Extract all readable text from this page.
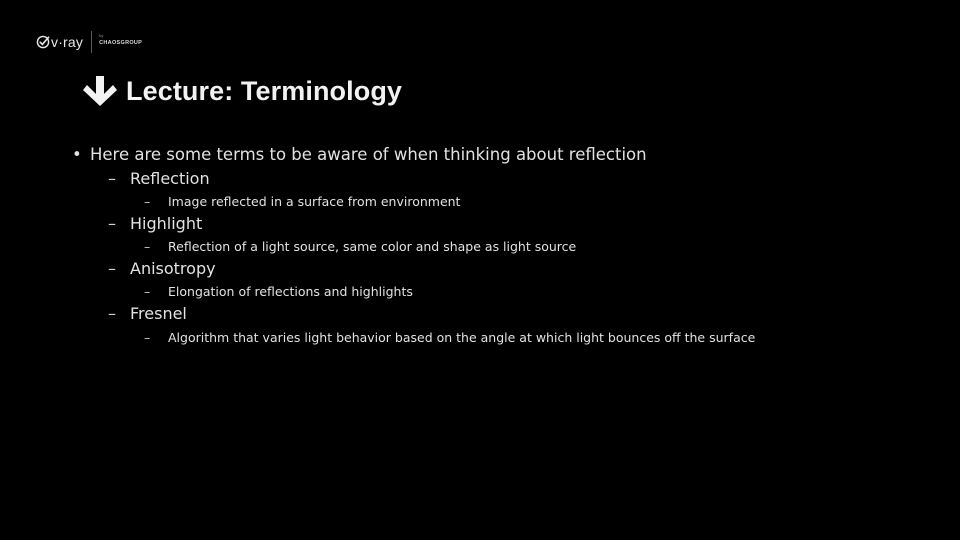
v·ray	by
CHAOSGROUP
Lecture: Terminology
• Here are some terms to be aware of when thinking about reflection
– Reflection
– Image reflected in a surface from environment
– Highlight
– Reflection of a light source, same color and shape as light source
– Anisotropy
– Elongation of reflections and highlights
– Fresnel
– Algorithm that varies light behavior based on the angle at which light bounces off the surface
